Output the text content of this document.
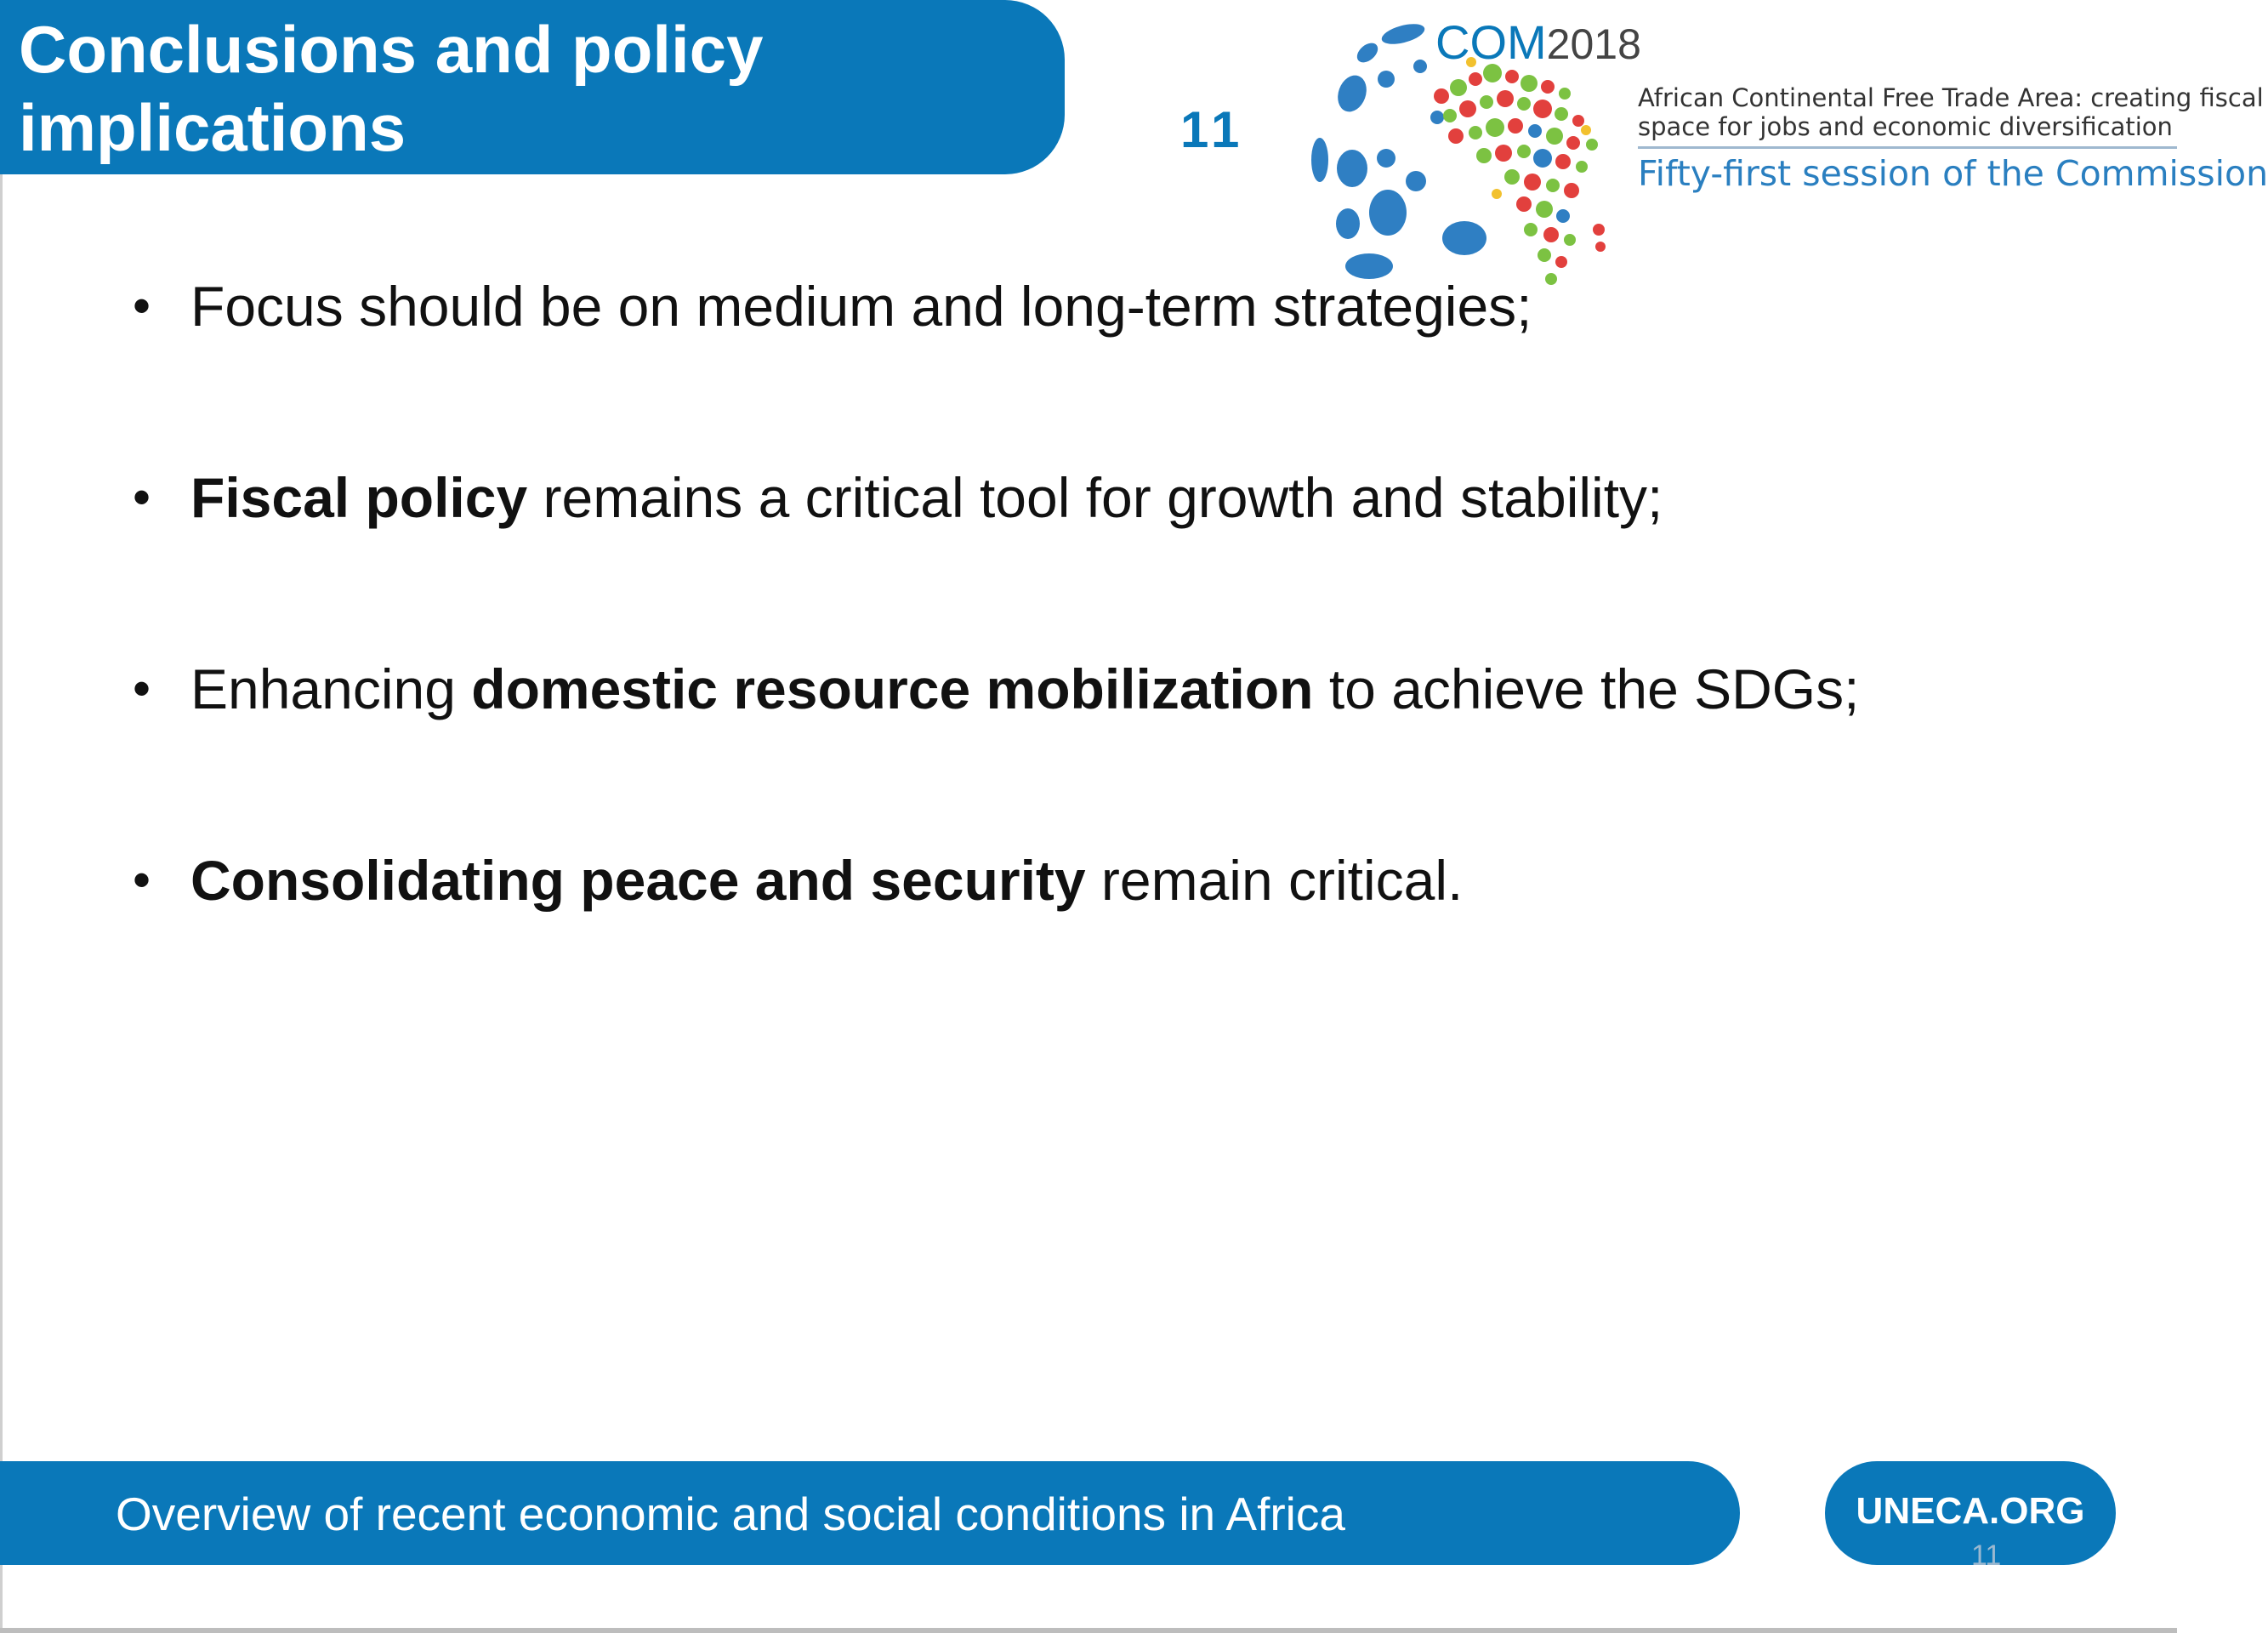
Conclusions and policy
implications	11
COM2018
African Continental Free Trade Area: creating fiscal
space for jobs and economic diversification
Fifty-first session of the Commission
• Focus should be on medium and long-term strategies;
• Fiscal policy remains a critical tool for growth and stability;
• Enhancing domestic resource mobilization to achieve the SDGs;
• Consolidating peace and security remain critical.
Overview of recent economic and social conditions in Africa	UNECA.ORG
11
